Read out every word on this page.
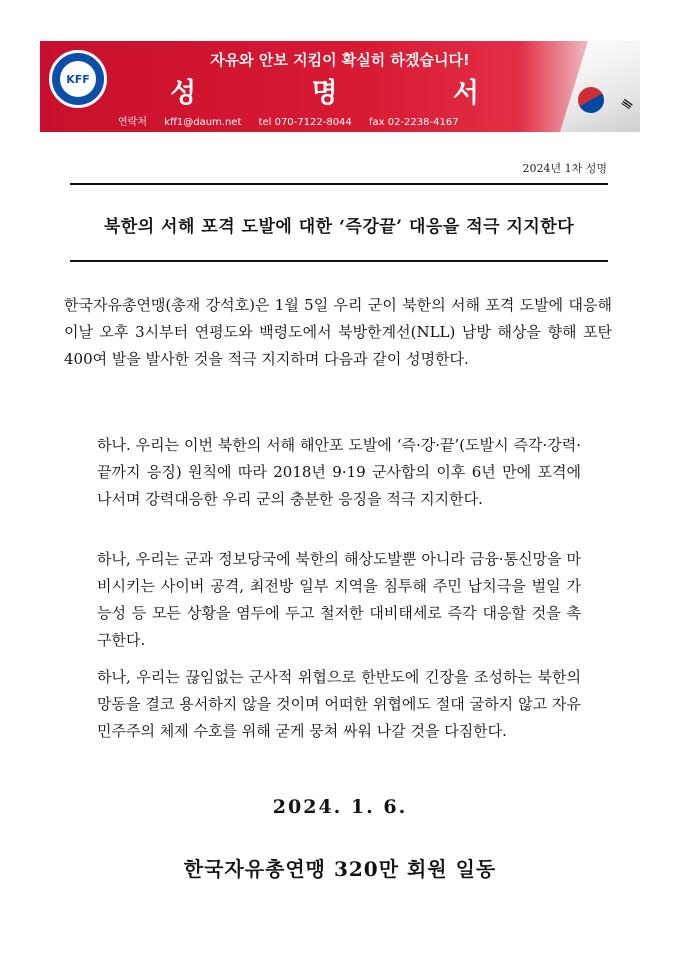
KFF
자유와 안보 지킴이 확실히 하겠습니다!
성	명	서
연락처 kff1@daum.net tel 070-7122-8044 fax 02-2238-4167
2024년 1차 성명
북한의 서해 포격 도발에 대한 ‘즉강끝’ 대응을 적극 지지한다
한국자유총연맹(총재 강석호)은 1월 5일 우리 군이 북한의 서해 포격 도발에 대응해 이날 오후 3시부터 연평도와 백령도에서 북방한계선(NLL) 남방 해상을 향해 포탄 400여 발을 발사한 것을 적극 지지하며 다음과 같이 성명한다.
하나. 우리는 이번 북한의 서해 해안포 도발에 ‘즉·강·끝’(도발시 즉각·강력·끝까지 응징) 원칙에 따라 2018년 9·19 군사합의 이후 6년 만에 포격에 나서며 강력대응한 우리 군의 충분한 응징을 적극 지지한다.
하나, 우리는 군과 정보당국에 북한의 해상도발뿐 아니라 금융·통신망을 마비시키는 사이버 공격, 최전방 일부 지역을 침투해 주민 납치극을 벌일 가능성 등 모든 상황을 염두에 두고 철저한 대비태세로 즉각 대응할 것을 촉구한다.
하나, 우리는 끊임없는 군사적 위협으로 한반도에 긴장을 조성하는 북한의 망동을 결코 용서하지 않을 것이며 어떠한 위협에도 절대 굴하지 않고 자유민주주의 체제 수호를 위해 굳게 뭉쳐 싸워 나갈 것을 다짐한다.
2024. 1. 6.
한국자유총연맹 320만 회원 일동
